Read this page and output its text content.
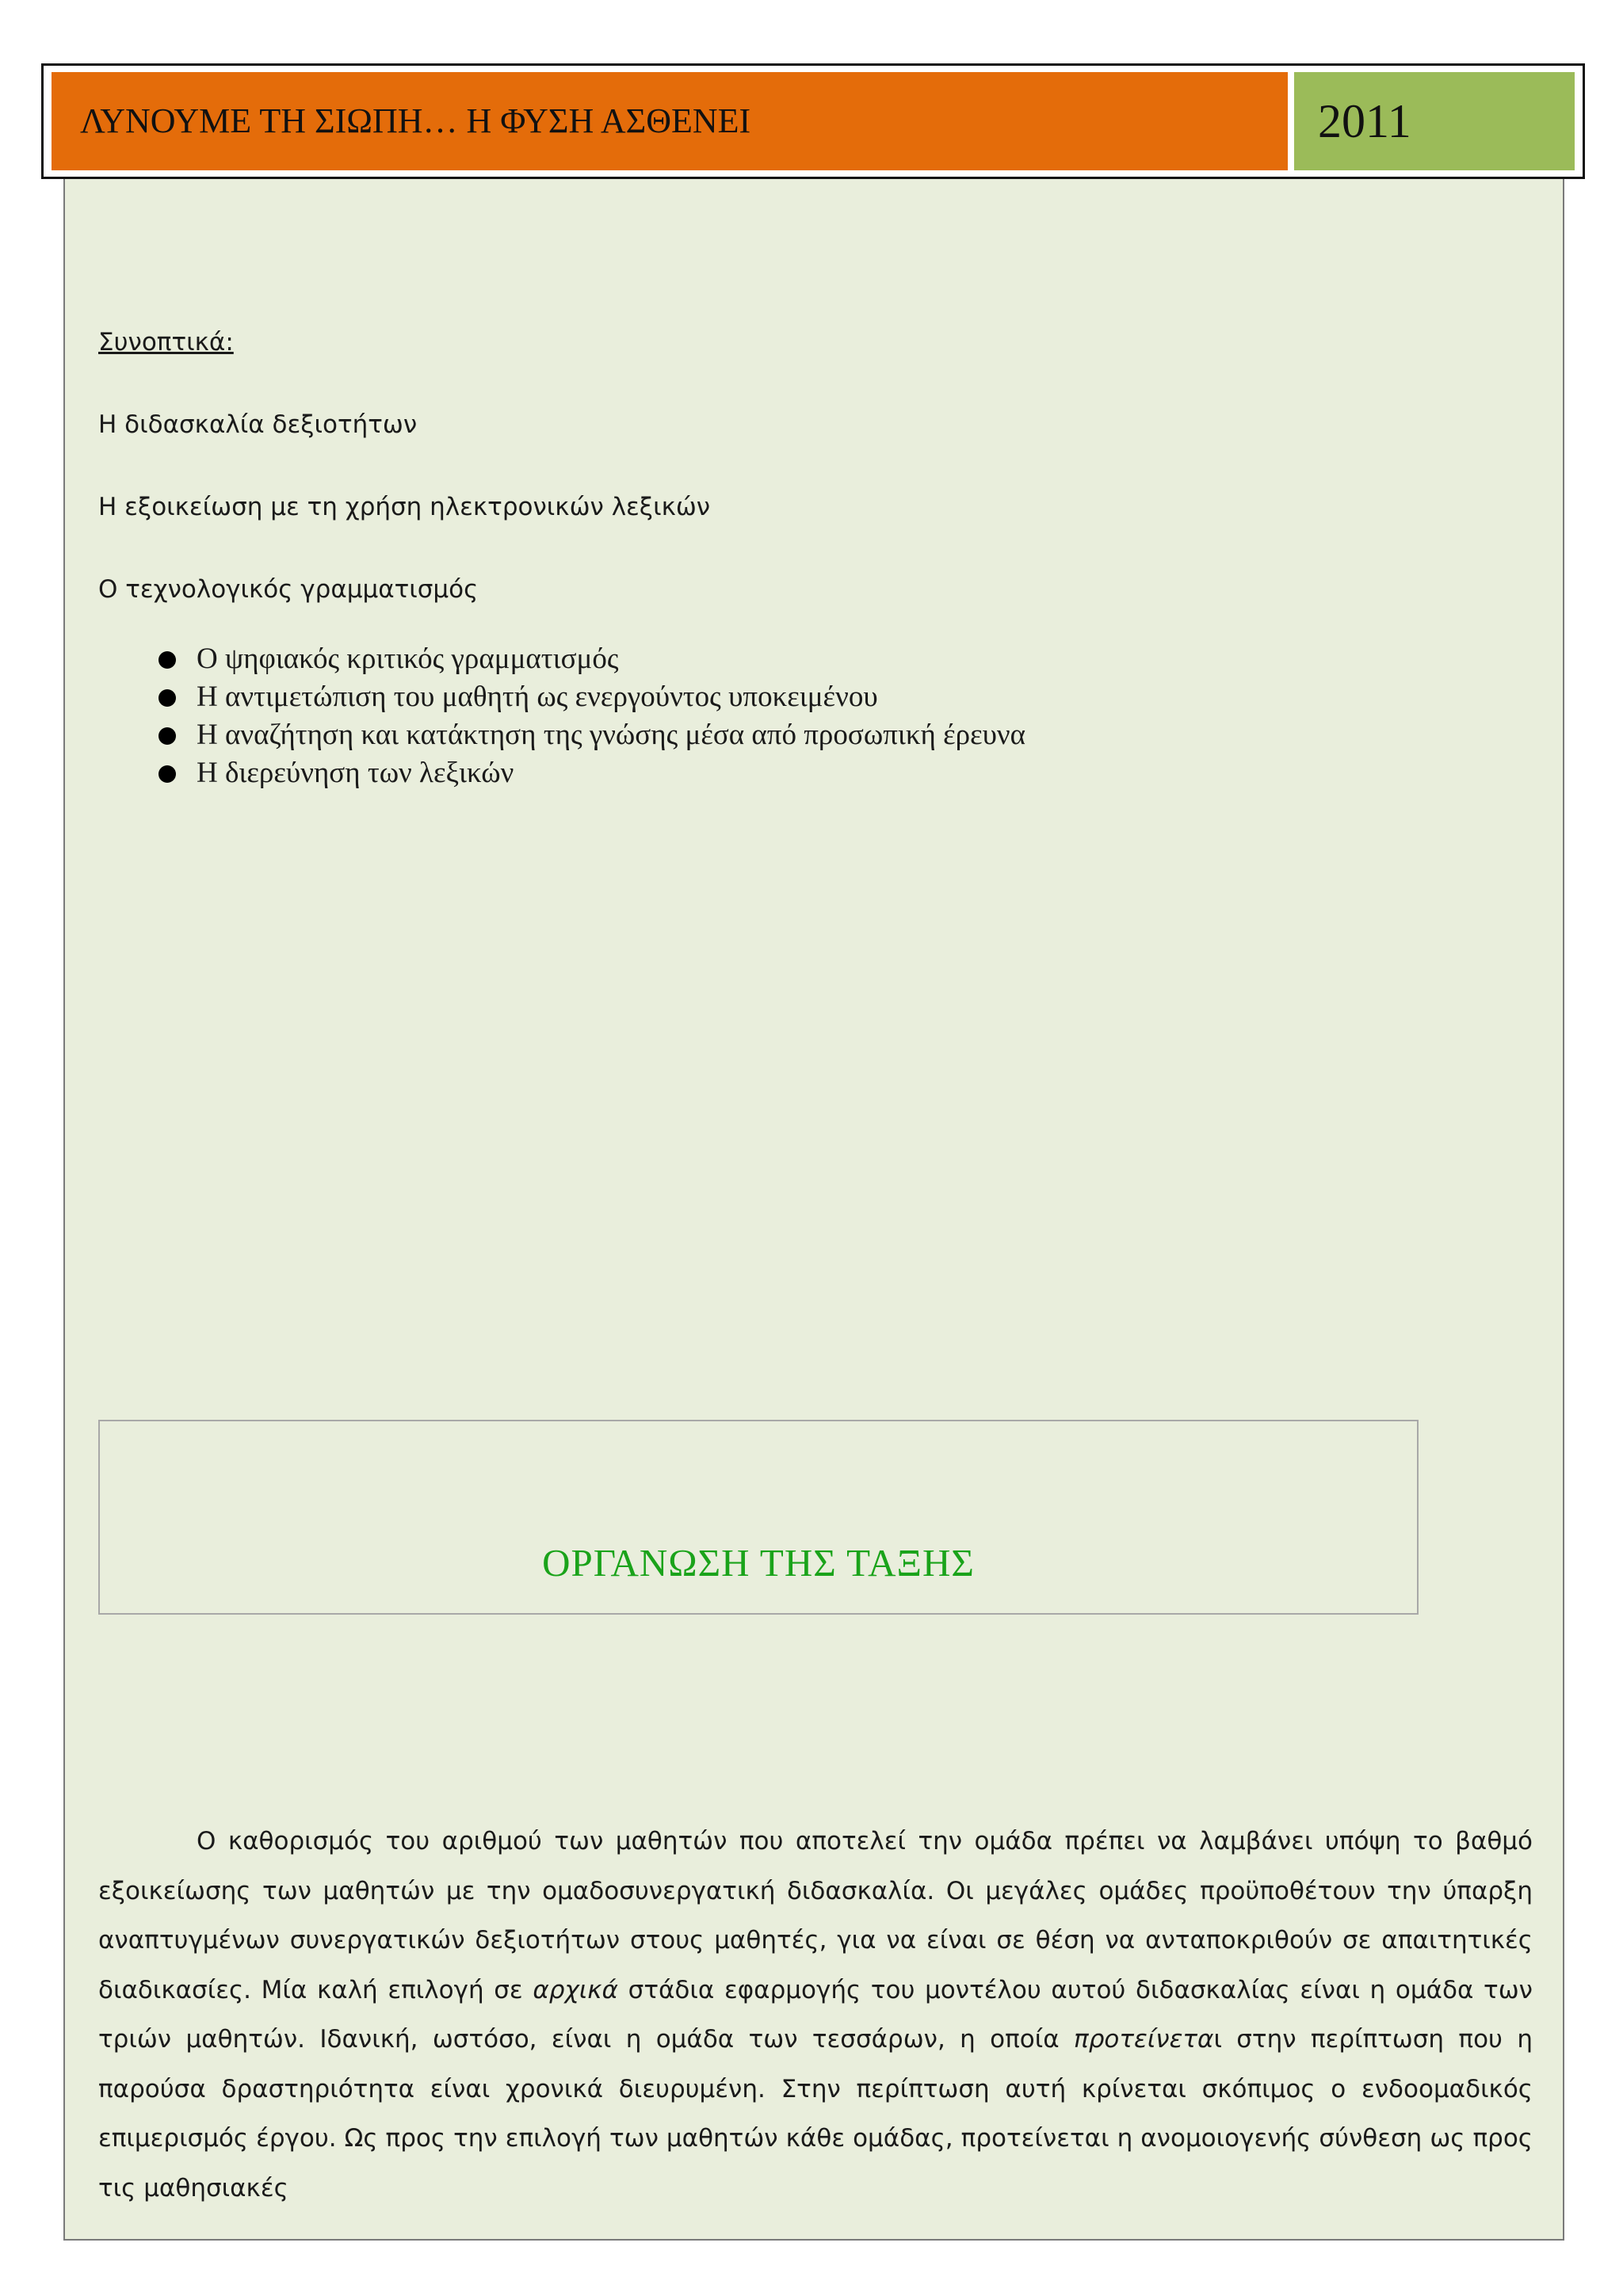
ΛΥΝΟΥΜΕ ΤΗ ΣΙΩΠΗ… Η ΦΥΣΗ ΑΣΘΕΝΕΙ	2011
Συνοπτικά:
Η διδασκαλία δεξιοτήτων
Η εξοικείωση με τη χρήση ηλεκτρονικών λεξικών
Ο τεχνολογικός γραμματισμός
Ο ψηφιακός κριτικός γραμματισμός
Η αντιμετώπιση του μαθητή ως ενεργούντος υποκειμένου
Η αναζήτηση και κατάκτηση της γνώσης μέσα από προσωπική έρευνα
Η διερεύνηση των λεξικών
ΟΡΓΑΝΩΣΗ ΤΗΣ ΤΑΞΗΣ

Ο καθορισμός του αριθμού των μαθητών που αποτελεί την ομάδα πρέπει να λαμβάνει υπόψη το βαθμό εξοικείωσης των μαθητών με την ομαδοσυνεργατική διδασκαλία. Οι μεγάλες ομάδες προϋποθέτουν την ύπαρξη αναπτυγμένων συνεργατικών δεξιοτήτων στους μαθητές, για να είναι σε θέση να ανταποκριθούν σε απαιτητικές διαδικασίες. Μία καλή επιλογή σε αρχικά στάδια εφαρμογής του μοντέλου αυτού διδασκαλίας είναι η ομάδα των τριών μαθητών. Ιδανική, ωστόσο, είναι η ομάδα των τεσσάρων, η οποία προτείνεται στην περίπτωση που η παρούσα δραστηριότητα είναι χρονικά διευρυμένη. Στην περίπτωση αυτή κρίνεται σκόπιμος ο ενδοομαδικός επιμερισμός έργου. Ως προς την επιλογή των μαθητών κάθε ομάδας, προτείνεται η ανομοιογενής σύνθεση ως προς τις μαθησιακές
